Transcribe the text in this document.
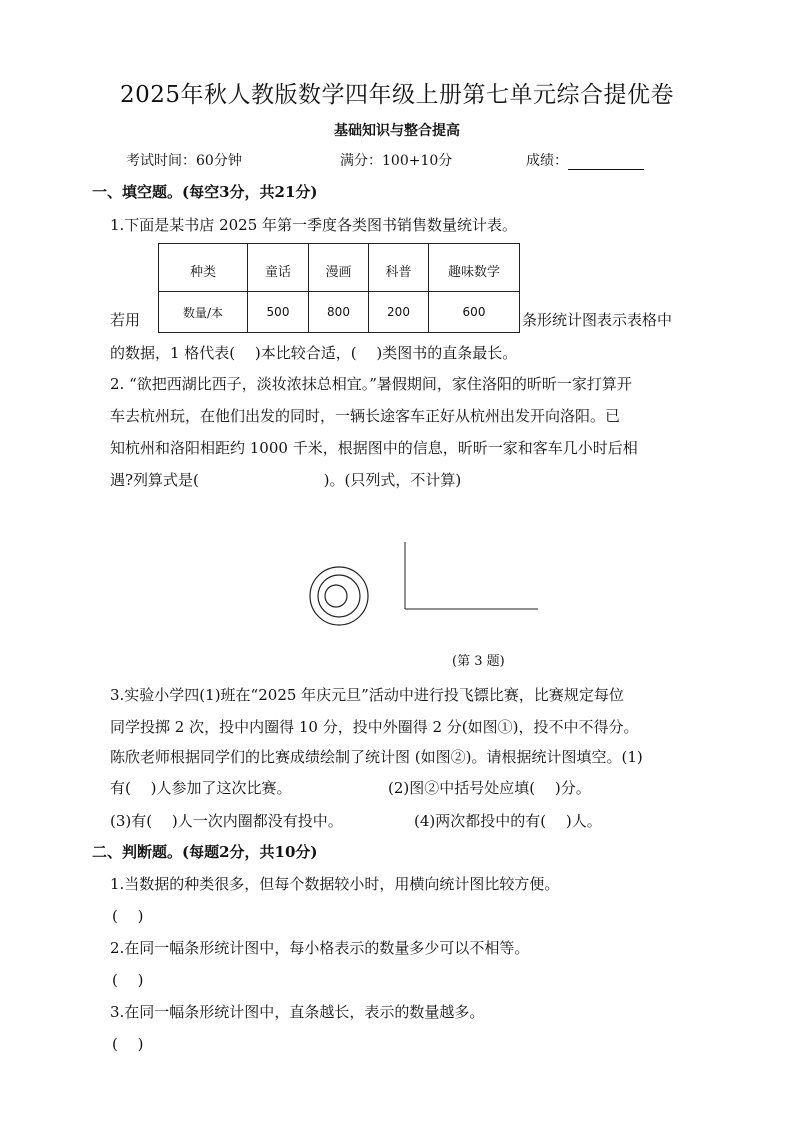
2025年秋人教版数学四年级上册第七单元综合提优卷
基础知识与整合提高
考试时间：60分钟	满分：100+10分	成绩：
一、填空题。(每空3分，共21分)
1.下面是某书店 2025 年第一季度各类图书销售数量统计表。
种类	童话	漫画	科普	趣味数学
数量/本	500	800	200	600
若用	条形统计图表示表格中
的数据，1 格代表(　 )本比较合适，(　 )类图书的直条最长。
2. “欲把西湖比西子，淡妆浓抹总相宜。”暑假期间，家住洛阳的昕昕一家打算开
车去杭州玩，在他们出发的同时，一辆长途客车正好从杭州出发开向洛阳。已
知杭州和洛阳相距约 1000 千米，根据图中的信息，昕昕一家和客车几小时后相
遇?列算式是(　　　　　　　　 )。(只列式，不计算)
(第 3 题)
3.实验小学四(1)班在“2025 年庆元旦”活动中进行投飞镖比赛，比赛规定每位
同学投掷 2 次，投中内圈得 10 分，投中外圈得 2 分(如图①)，投不中不得分。
陈欣老师根据同学们的比赛成绩绘制了统计图 (如图②)。请根据统计图填空。(1)
有(　 )人参加了这次比赛。	(2)图②中括号处应填(　 )分。
(3)有(　 )人一次内圈都没有投中。	(4)两次都投中的有(　 )人。
二、判断题。(每题2分，共10分)
1.当数据的种类很多，但每个数据较小时，用横向统计图比较方便。
(　 )
2.在同一幅条形统计图中，每小格表示的数量多少可以不相等。
(　 )
3.在同一幅条形统计图中，直条越长，表示的数量越多。
(　 )
